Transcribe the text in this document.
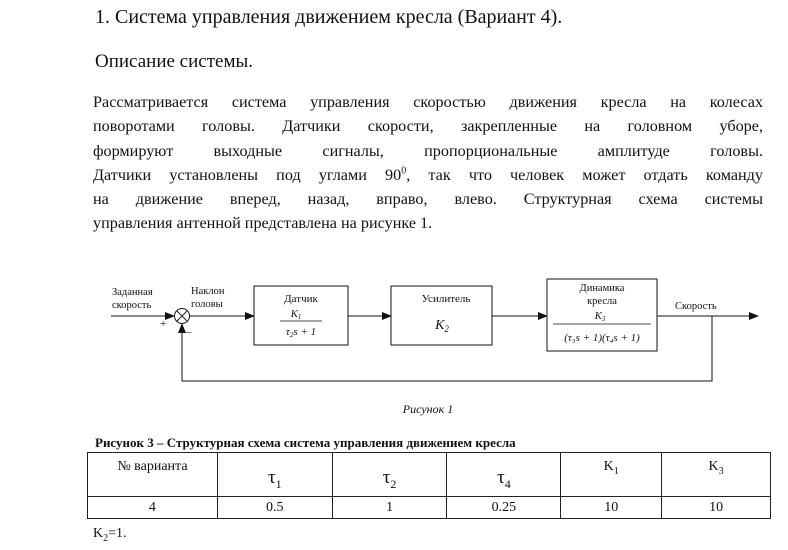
1. Система управления движением кресла (Вариант 4).
Описание системы.
Рассматривается система управления скоростью движения кресла на колесах
поворотами головы. Датчики скорости, закрепленные на головном уборе,
формируют выходные сигналы, пропорциональные амплитуде головы.
Датчики установлены под углами $90^0$, так что человек может отдать команду
на движение вперед, назад, вправо, влево. Структурная схема системы
управления антенной представлена на рисунке 1.
Заданная
скорость
Наклон
головы
+
–
Датчик
K1
τ2s + 1
Усилитель
$K_2$
Динамика
кресла
K3
(τ₃s + 1)(τ₄s + 1)
Скорость
Рисунок 1
Рисунок 3 – Структурная схема система управления движением кресла
№ варианта	$\tau_1$	$\tau_2$	$\tau_4$	$K_1$	$K_3$
4	0.5	1	0.25	10	10
$K_2=1$.
